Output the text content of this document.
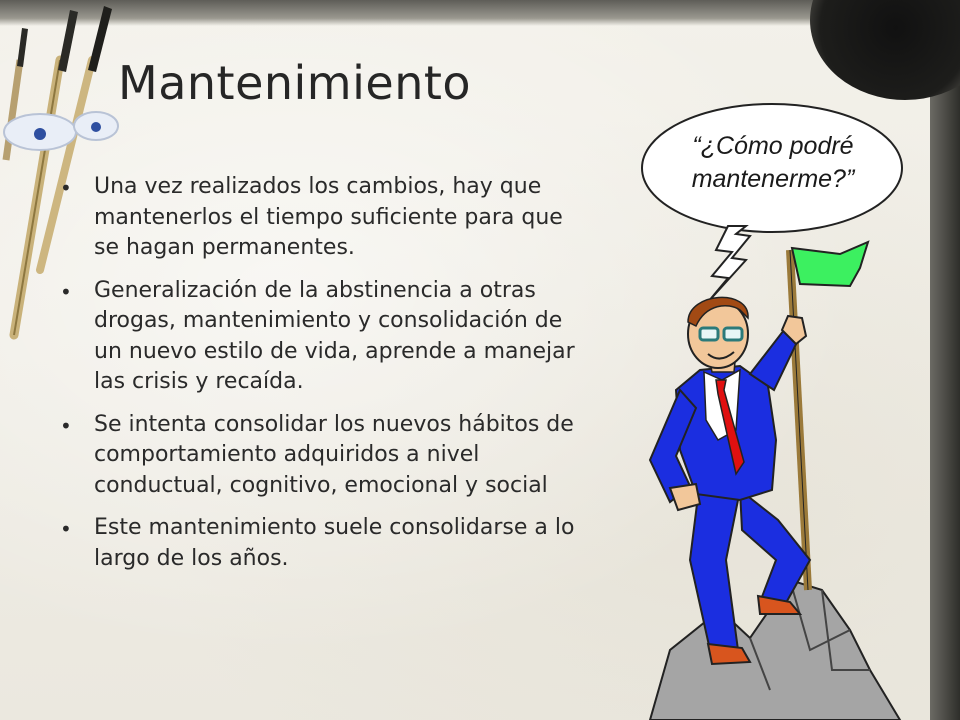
Mantenimiento
• Una vez realizados los cambios, hay que mantenerlos el tiempo suficiente para que se hagan permanentes.
• Generalización de la abstinencia a otras drogas, mantenimiento y consolidación de un nuevo estilo de vida, aprende a manejar las crisis y recaída.
• Se intenta consolidar los nuevos hábitos de comportamiento adquiridos a nivel conductual, cognitivo, emocional y social
• Este mantenimiento suele consolidarse a lo largo de los años.
“¿Cómo podré mantenerme?”
